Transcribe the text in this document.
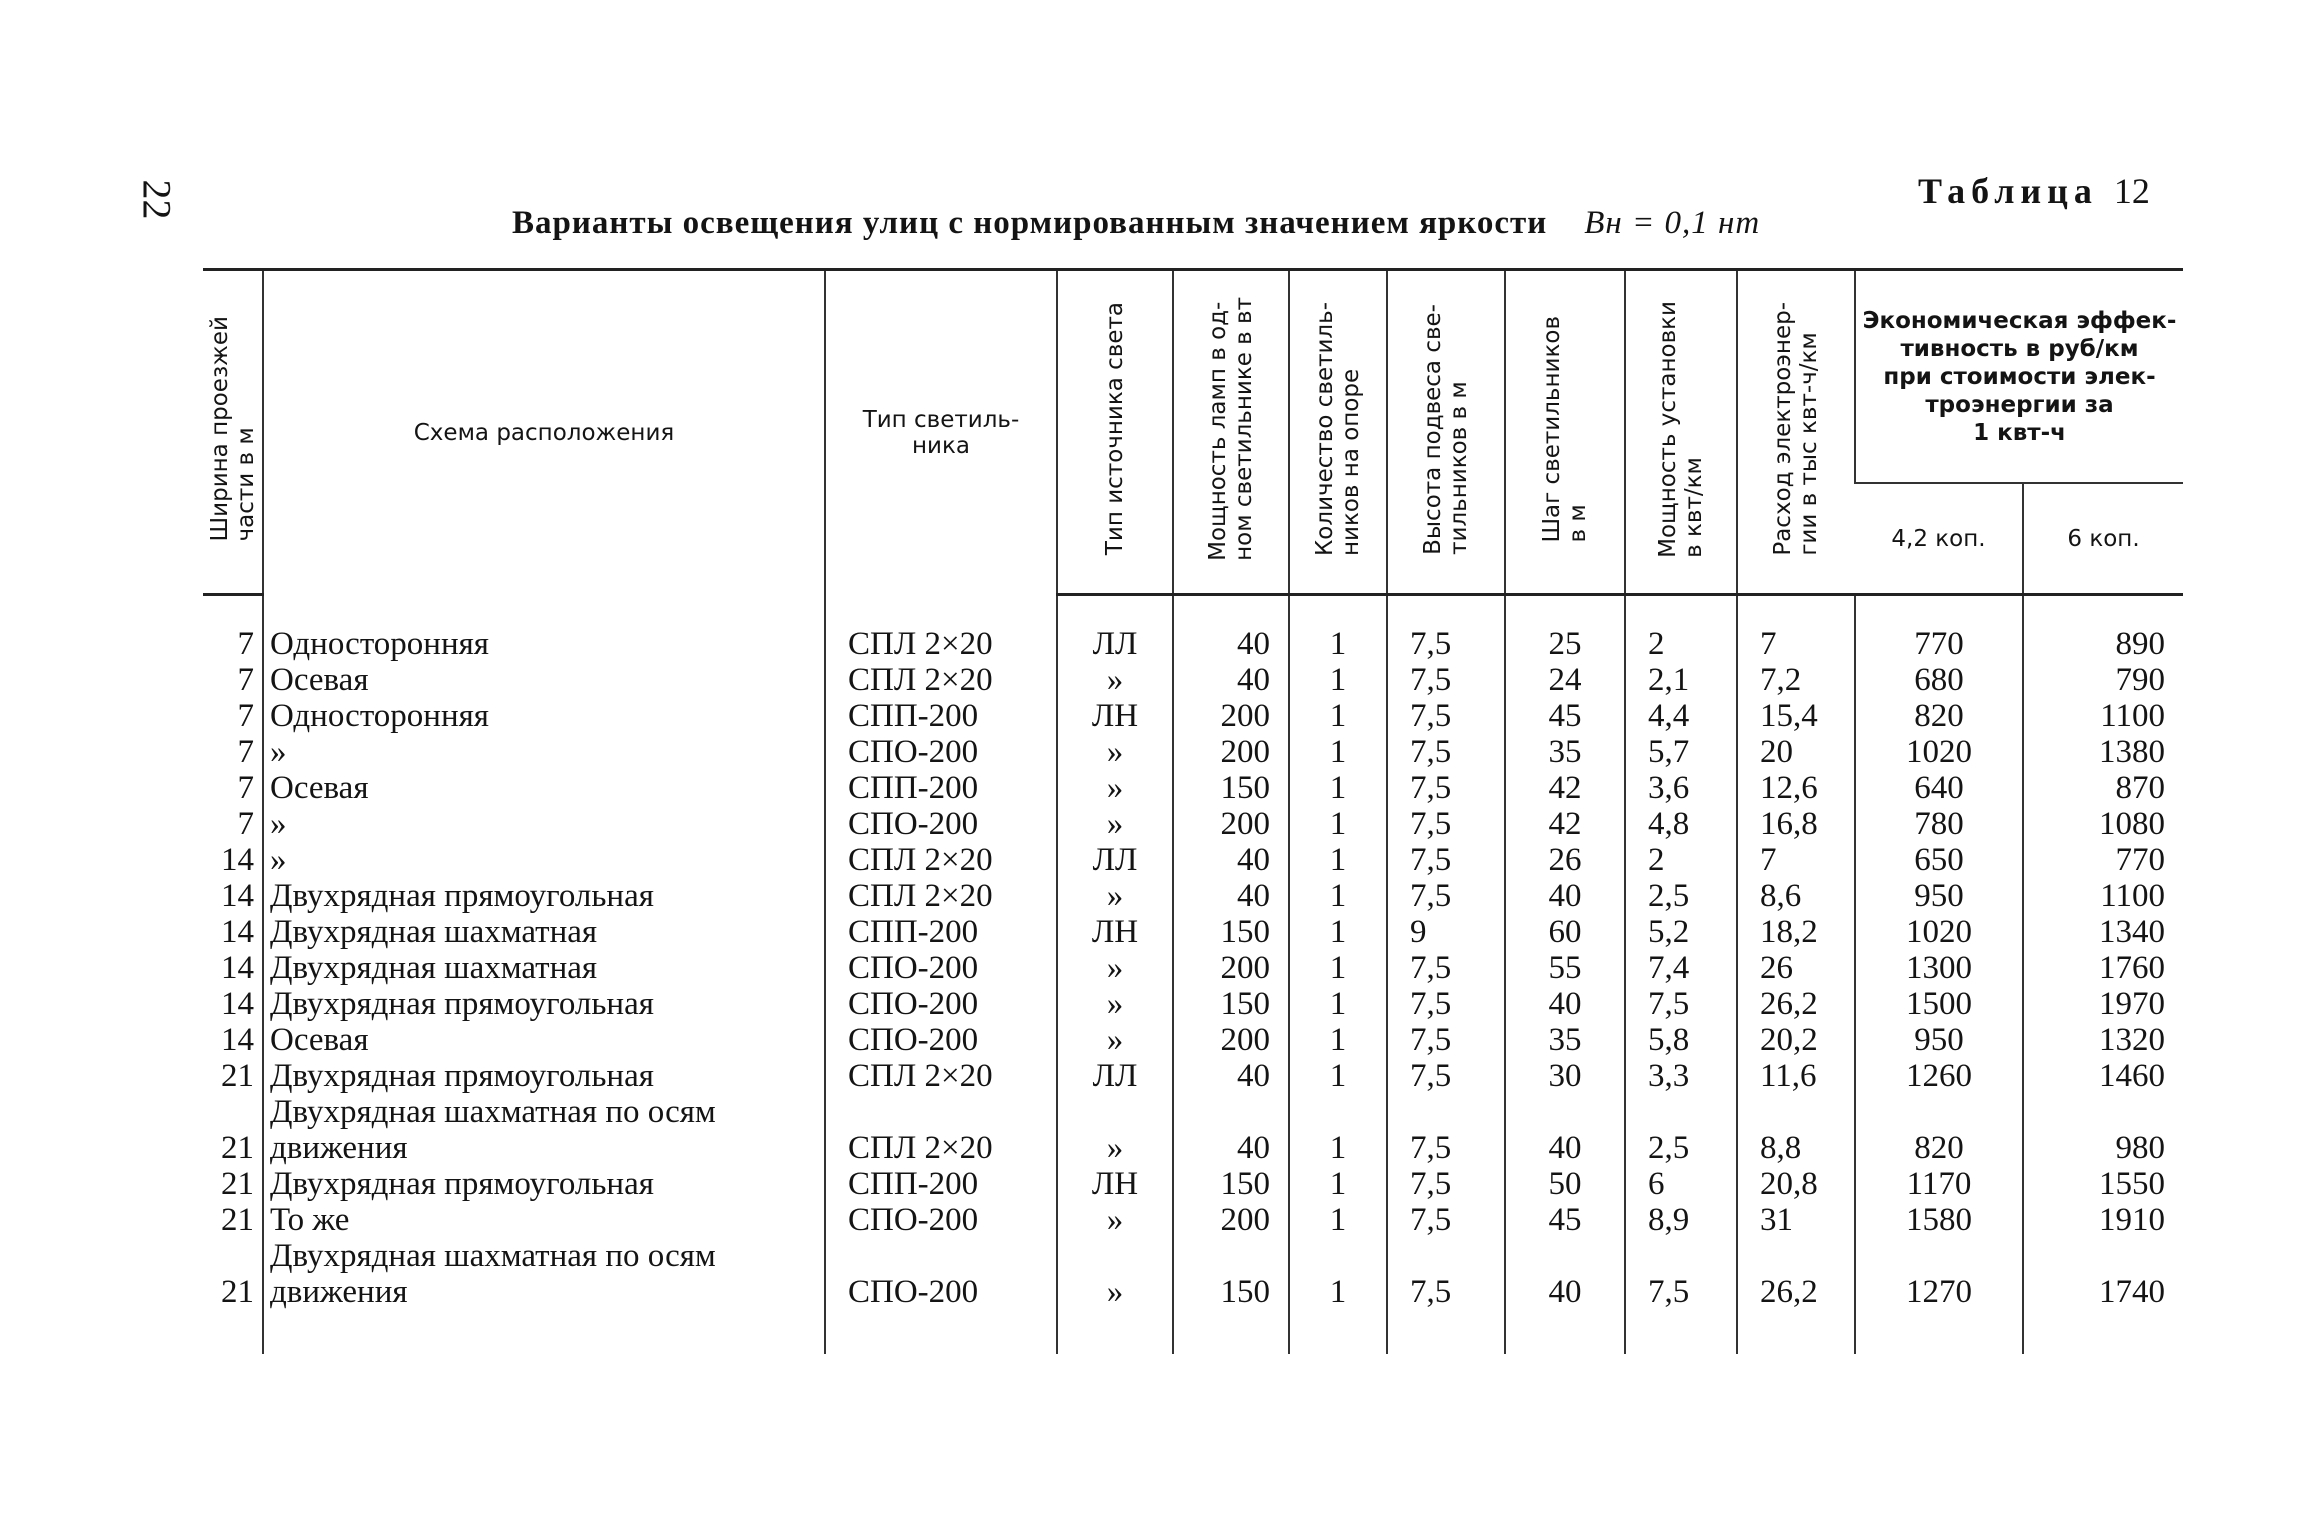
22	Таблица 12
Варианты освещения улиц с нормированным значением яркости Bн = 0,1 нт
Ширина проезжей
части в м	Схема расположения	Тип светиль-
ника	Тип источника света	Мощность ламп в од-
ном светильнике в вт	Количество светиль-
ников на опоре	Высота подвеса све-
тильников в м	Шаг светильников
в м	Мощность установки
в квт/км	Расход электроэнер-
гии в тыс квт-ч/км	Экономическая эффек-
тивность в руб/км
при стоимости элек-
троэнергии за
1 квт-ч	
										4,2 коп.	6 коп.
7	Односторонняя	СПЛ 2×20	ЛЛ	40	1	7,5	25	2	7	770	890
7	Осевая	СПЛ 2×20	»	40	1	7,5	24	2,1	7,2	680	790
7	Односторонняя	СПП-200	ЛН	200	1	7,5	45	4,4	15,4	820	1100
7	»	СПО-200	»	200	1	7,5	35	5,7	20	1020	1380
7	Осевая	СПП-200	»	150	1	7,5	42	3,6	12,6	640	870
7	»	СПО-200	»	200	1	7,5	42	4,8	16,8	780	1080
14	»	СПЛ 2×20	ЛЛ	40	1	7,5	26	2	7	650	770
14	Двухрядная прямоугольная	СПЛ 2×20	»	40	1	7,5	40	2,5	8,6	950	1100
14	Двухрядная шахматная	СПП-200	ЛН	150	1	9	60	5,2	18,2	1020	1340
14	Двухрядная шахматная	СПО-200	»	200	1	7,5	55	7,4	26	1300	1760
14	Двухрядная прямоугольная	СПО-200	»	150	1	7,5	40	7,5	26,2	1500	1970
14	Осевая	СПО-200	»	200	1	7,5	35	5,8	20,2	950	1320
21	Двухрядная прямоугольная	СПЛ 2×20	ЛЛ	40	1	7,5	30	3,3	11,6	1260	1460
21	Двухрядная шахматная по осям
движения	СПЛ 2×20	»	40	1	7,5	40	2,5	8,8	820	980
21	Двухрядная прямоугольная	СПП-200	ЛН	150	1	7,5	50	6	20,8	1170	1550
21	То же	СПО-200	»	200	1	7,5	45	8,9	31	1580	1910
21	Двухрядная шахматная по осям
движения	СПО-200	»	150	1	7,5	40	7,5	26,2	1270	1740
